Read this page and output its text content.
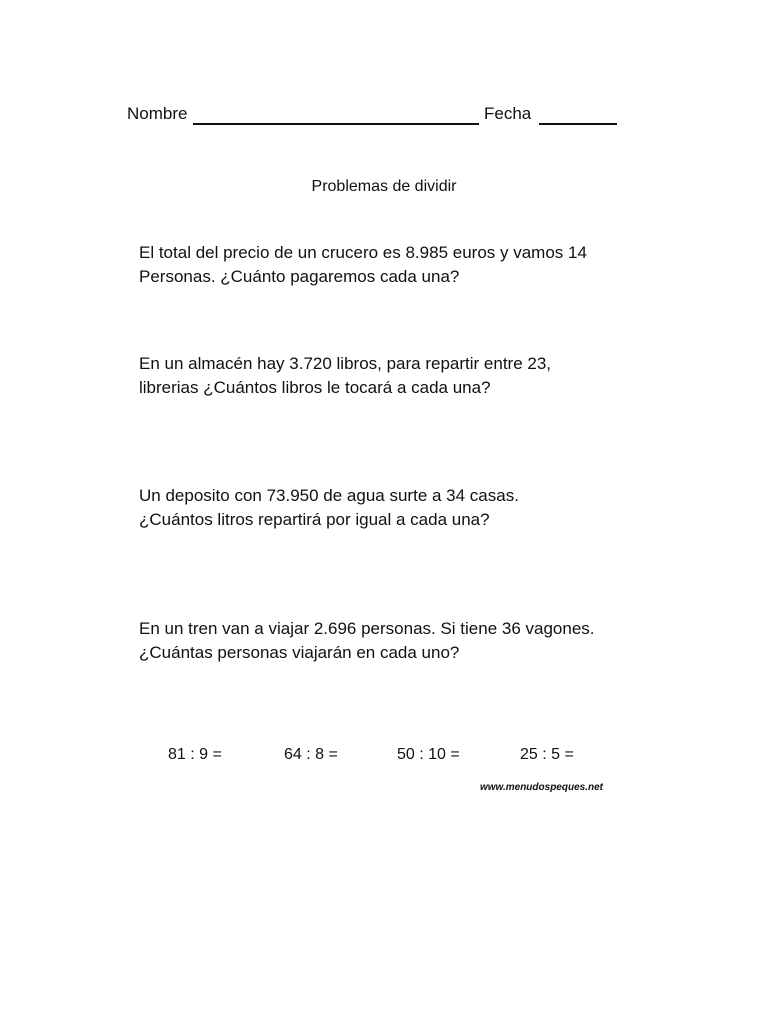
Nombre	Fecha
Problemas de dividir
El total del precio de un crucero es 8.985 euros y vamos 14
Personas. ¿Cuánto pagaremos cada una?
En un almacén hay 3.720 libros, para repartir entre 23,
librerias ¿Cuántos libros le tocará a cada una?
Un deposito con 73.950 de agua surte a 34 casas.
¿Cuántos litros repartirá por igual a cada una?
En un tren van a viajar 2.696 personas. Si tiene 36 vagones.
¿Cuántas personas viajarán en cada uno?
81 : 9 =	64 : 8 =	50 : 10 =	25 : 5 =
www.menudospeques.net
